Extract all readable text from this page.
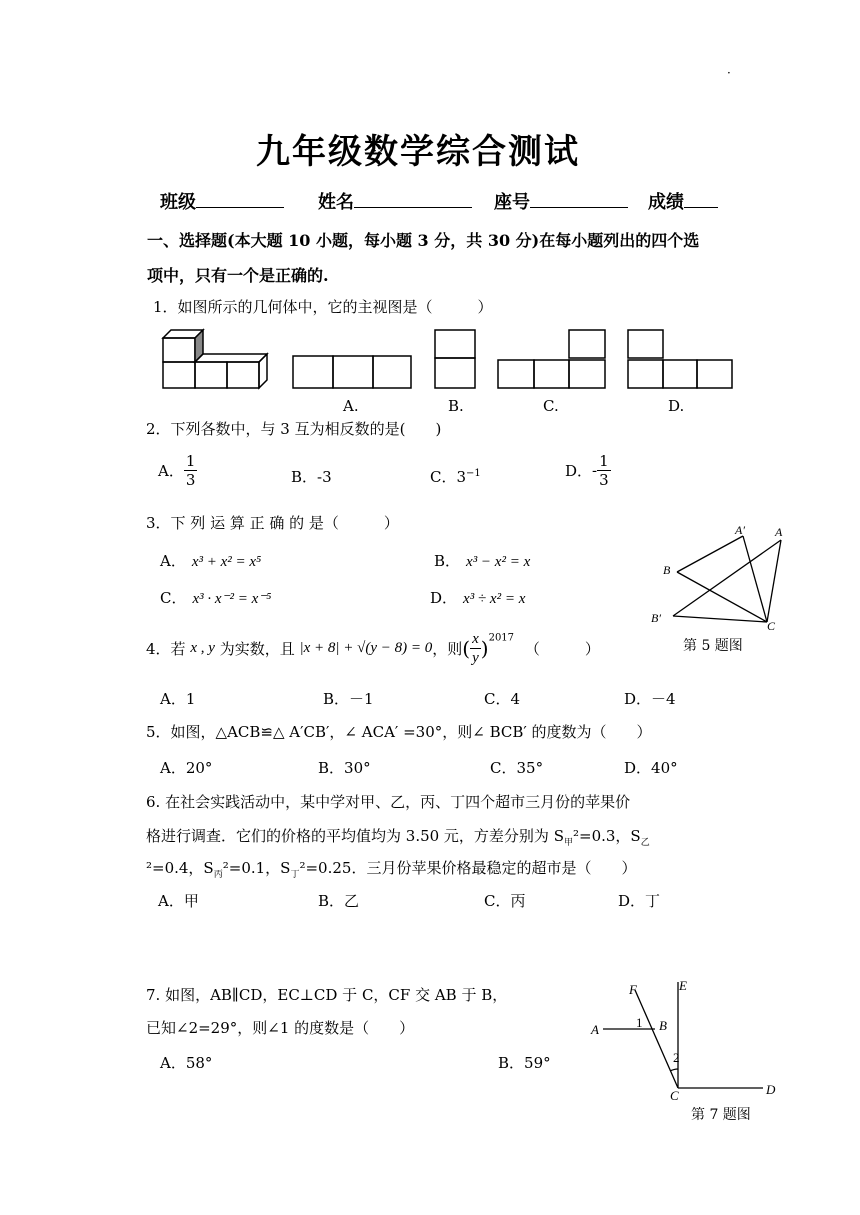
·
九年级数学综合测试
班级	姓名	座号	成绩
一、选择题(本大题 10 小题，每小题 3 分，共 30 分)在每小题列出的四个选
项中，只有一个是正确的.
1．如图所示的几何体中，它的主视图是（　　　）
A.	B.	C.	D.
2．下列各数中，与 3 互为相反数的是(　　)
A． $\frac{1}{3}$	B．-3	C．$3^{-1}$	D．- $\frac{1}{3}$
3．下 列 运 算 正 确 的 是（　　　）
A． x³ + x² = x⁵	B． x³ − x² = x
C． x³ · x⁻² = x⁻⁵	D． x³ ÷ x² = x
A′	A
B
B′
C
第 5 题图
4．若 x , y 为实数，且 |x + 8| + √(y − 8) = 0，则( $\frac{x}{y} )^{2017}$ （　　　）
A．1	B．－1	C．4	D．－4
5．如图，△ACB≌△ A′CB′，∠ ACA′ =30°，则∠ BCB′ 的度数为（　　）
A．20°	B．30°	C．35°	D．40°
6. 在社会实践活动中，某中学对甲、乙，丙、丁四个超市三月份的苹果价
格进行调查．它们的价格的平均值均为 3.50 元，方差分别为 $S_甲^2=0.3$，$S_乙$
²=0.4，$S_丙^2=0.1$，$S_丁^2=0.25$．三月份苹果价格最稳定的超市是（　　）
A．甲	B．乙	C．丙	D．丁
7. 如图，AB∥CD，EC⊥CD 于 C，CF 交 AB 于 B，
已知∠2=29°，则∠1 的度数是（　　）
A．58°	B．59°
F	E
A	1 B
2
C	D
第 7 题图
